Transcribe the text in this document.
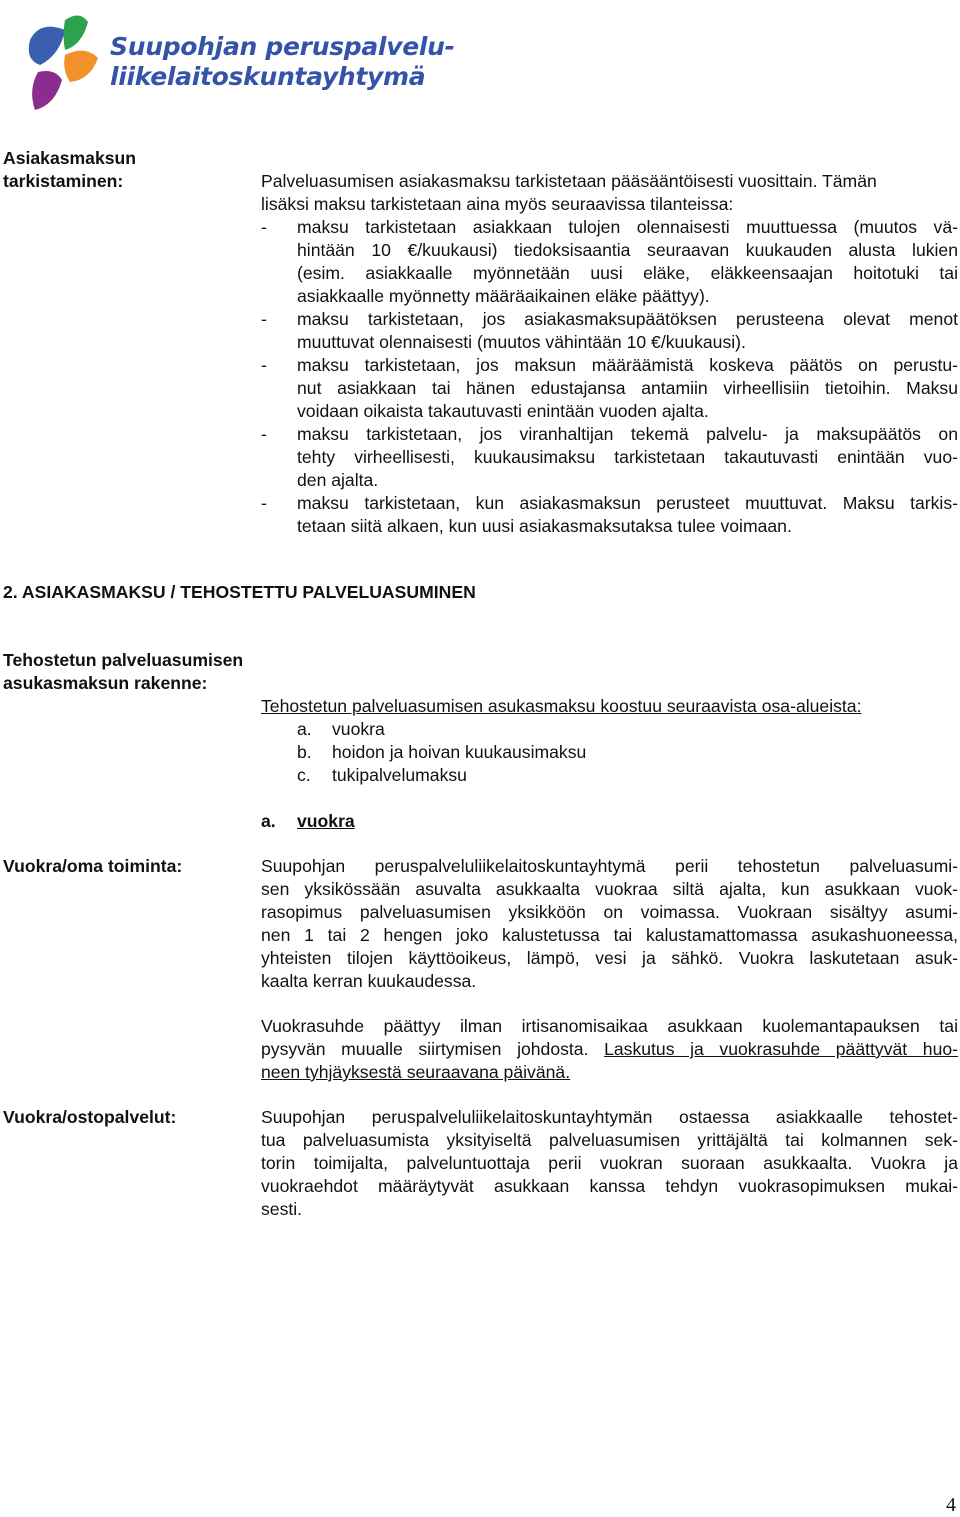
Suupohjan peruspalvelu-
liikelaitoskuntayhtymä
Asiakasmaksun
tarkistaminen:	Palveluasumisen asiakasmaksu tarkistetaan pääsääntöisesti vuosittain. Tämän
lisäksi maksu tarkistetaan aina myös seuraavissa tilanteissa:
- maksu tarkistetaan asiakkaan tulojen olennaisesti muuttuessa (muutos vä-
hintään 10 €/kuukausi) tiedoksisaantia seuraavan kuukauden alusta lukien
(esim. asiakkaalle myönnetään uusi eläke, eläkkeensaajan hoitotuki tai
asiakkaalle myönnetty määräaikainen eläke päättyy).
- maksu tarkistetaan, jos asiakasmaksupäätöksen perusteena olevat menot
muuttuvat olennaisesti (muutos vähintään 10 €/kuukausi).
- maksu tarkistetaan, jos maksun määräämistä koskeva päätös on perustu-
nut asiakkaan tai hänen edustajansa antamiin virheellisiin tietoihin. Maksu
voidaan oikaista takautuvasti enintään vuoden ajalta.
- maksu tarkistetaan, jos viranhaltijan tekemä palvelu- ja maksupäätös on
tehty virheellisesti, kuukausimaksu tarkistetaan takautuvasti enintään vuo-
den ajalta.
- maksu tarkistetaan, kun asiakasmaksun perusteet muuttuvat. Maksu tarkis-
tetaan siitä alkaen, kun uusi asiakasmaksutaksa tulee voimaan.
2. ASIAKASMAKSU / TEHOSTETTU PALVELUASUMINEN
Tehostetun palveluasumisen
asukasmaksun rakenne:
Tehostetun palveluasumisen asukasmaksu koostuu seuraavista osa-alueista:
a. vuokra
b. hoidon ja hoivan kuukausimaksu
c. tukipalvelumaksu
a. vuokra
Vuokra/oma toiminta:	Suupohjan peruspalveluliikelaitoskuntayhtymä perii tehostetun palveluasumi-
sen yksikössään asuvalta asukkaalta vuokraa siltä ajalta, kun asukkaan vuok-
rasopimus palveluasumisen yksikköön on voimassa. Vuokraan sisältyy asumi-
nen 1 tai 2 hengen joko kalustetussa tai kalustamattomassa asukashuoneessa,
yhteisten tilojen käyttöoikeus, lämpö, vesi ja sähkö. Vuokra laskutetaan asuk-
kaalta kerran kuukaudessa.
Vuokrasuhde päättyy ilman irtisanomisaikaa asukkaan kuolemantapauksen tai
pysyvän muualle siirtymisen johdosta. Laskutus ja vuokrasuhde päättyvät huo-
neen tyhjäyksestä seuraavana päivänä.
Vuokra/ostopalvelut:	Suupohjan peruspalveluliikelaitoskuntayhtymän ostaessa asiakkaalle tehostet-
tua palveluasumista yksityiseltä palveluasumisen yrittäjältä tai kolmannen sek-
torin toimijalta, palveluntuottaja perii vuokran suoraan asukkaalta. Vuokra ja
vuokraehdot määräytyvät asukkaan kanssa tehdyn vuokrasopimuksen mukai-
sesti.
4
